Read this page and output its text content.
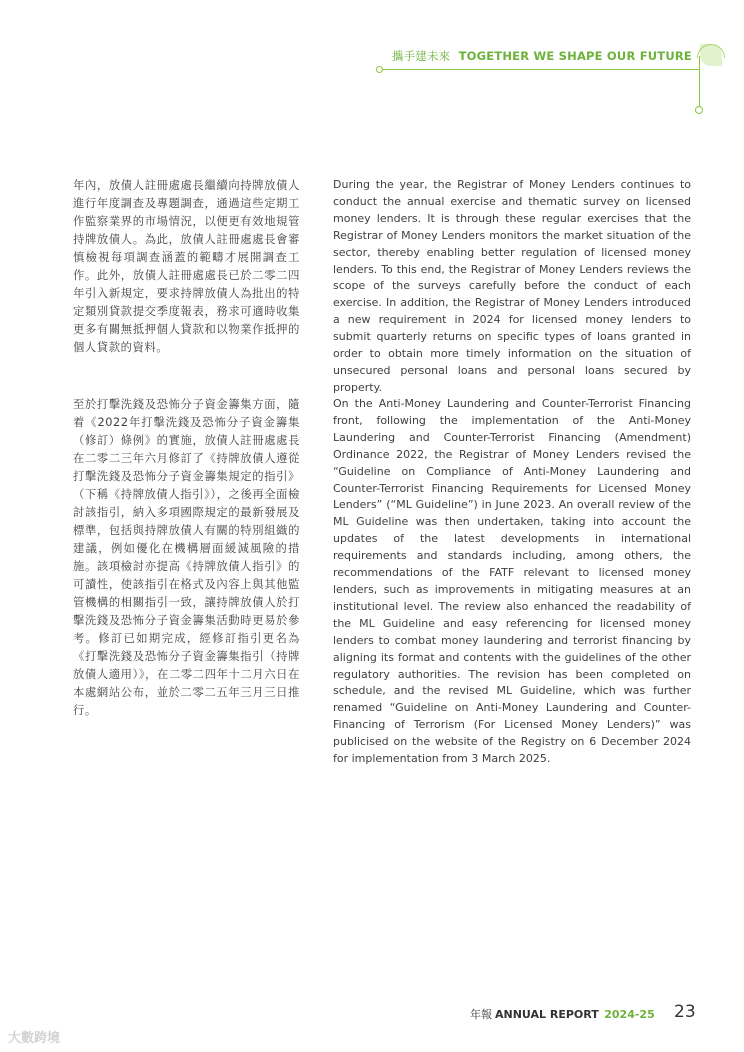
攜手建未來 TOGETHER WE SHAPE OUR FUTURE
年內，放債人註冊處處長繼續向持牌放債人進行年度調查及專題調查，通過這些定期工作監察業界的市場情況，以便更有效地規管持牌放債人。為此，放債人註冊處處長會審慎檢視每項調查涵蓋的範疇才展開調查工作。此外，放債人註冊處處長已於二零二四年引入新規定，要求持牌放債人為批出的特定類別貸款提交季度報表，務求可適時收集更多有關無抵押個人貸款和以物業作抵押的個人貸款的資料。
至於打擊洗錢及恐怖分子資金籌集方面，隨着《2022年打擊洗錢及恐怖分子資金籌集（修訂）條例》的實施，放債人註冊處處長在二零二三年六月修訂了《持牌放債人遵從打擊洗錢及恐怖分子資金籌集規定的指引》（下稱《持牌放債人指引》），之後再全面檢討該指引，納入多項國際規定的最新發展及標準，包括與持牌放債人有關的特別組織的建議，例如優化在機構層面緩減風險的措施。該項檢討亦提高《持牌放債人指引》的可讀性，使該指引在格式及內容上與其他監管機構的相關指引一致，讓持牌放債人於打擊洗錢及恐怖分子資金籌集活動時更易於參考。修訂已如期完成，經修訂指引更名為《打擊洗錢及恐怖分子資金籌集指引（持牌放債人適用）》，在二零二四年十二月六日在本處網站公布，並於二零二五年三月三日推行。
During the year, the Registrar of Money Lenders continues to conduct the annual exercise and thematic survey on licensed money lenders. It is through these regular exercises that the Registrar of Money Lenders monitors the market situation of the sector, thereby enabling better regulation of licensed money lenders. To this end, the Registrar of Money Lenders reviews the scope of the surveys carefully before the conduct of each exercise. In addition, the Registrar of Money Lenders introduced a new requirement in 2024 for licensed money lenders to submit quarterly returns on specific types of loans granted in order to obtain more timely information on the situation of unsecured personal loans and personal loans secured by property.
On the Anti-Money Laundering and Counter-Terrorist Financing front, following the implementation of the Anti-Money Laundering and Counter-Terrorist Financing (Amendment) Ordinance 2022, the Registrar of Money Lenders revised the “Guideline on Compliance of Anti-Money Laundering and Counter-Terrorist Financing Requirements for Licensed Money Lenders” (“ML Guideline”) in June 2023. An overall review of the ML Guideline was then undertaken, taking into account the updates of the latest developments in international requirements and standards including, among others, the recommendations of the FATF relevant to licensed money lenders, such as improvements in mitigating measures at an institutional level. The review also enhanced the readability of the ML Guideline and easy referencing for licensed money lenders to combat money laundering and terrorist financing by aligning its format and contents with the guidelines of the other regulatory authorities. The revision has been completed on schedule, and the revised ML Guideline, which was further renamed “Guideline on Anti-Money Laundering and Counter-Financing of Terrorism (For Licensed Money Lenders)” was publicised on the website of the Registry on 6 December 2024 for implementation from 3 March 2025.
年報 ANNUAL REPORT 2024-25 23
大數跨境
